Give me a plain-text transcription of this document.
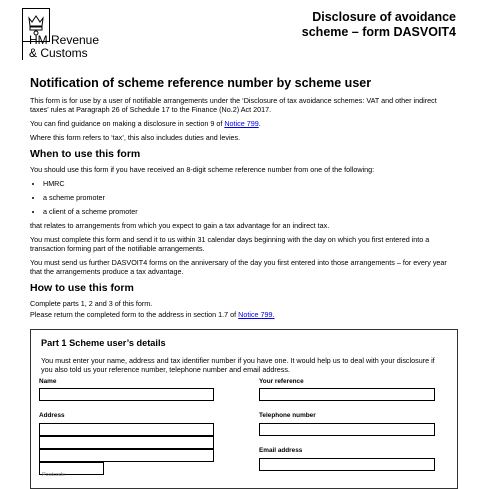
HM Revenue
& Customs
Disclosure of avoidance
scheme – form DASVOIT4
Notification of scheme reference number by scheme user

This form is for use by a user of notifiable arrangements under the ‘Disclosure of tax avoidance schemes: VAT and other indirect taxes’ rules at Paragraph 26 of Schedule 17 to the Finance (No.2) Act 2017.

You can find guidance on making a disclosure in section 9 of Notice 799.

Where this form refers to ‘tax’, this also includes duties and levies.

When to use this form

You should use this form if you have received an 8-digit scheme reference number from one of the following:

• HMRC
• a scheme promoter
• a client of a scheme promoter

that relates to arrangements from which you expect to gain a tax advantage for an indirect tax.

You must complete this form and send it to us within 31 calendar days beginning with the day on which you first entered into a transaction forming part of the notifiable arrangements.

You must send us further DASVOIT4 forms on the anniversary of the day you first entered into those arrangements – for every year that the arrangements produce a tax advantage.

How to use this form

Complete parts 1, 2 and 3 of this form.

Please return the completed form to the address in section 1.7 of Notice 799.

Part 1 Scheme user’s details

You must enter your name, address and tax identifier number if you have one. It would help us to deal with your disclosure if you also told us your reference number, telephone number and email address.

Name	Your reference
Address
Postcode	Telephone number
Email address
